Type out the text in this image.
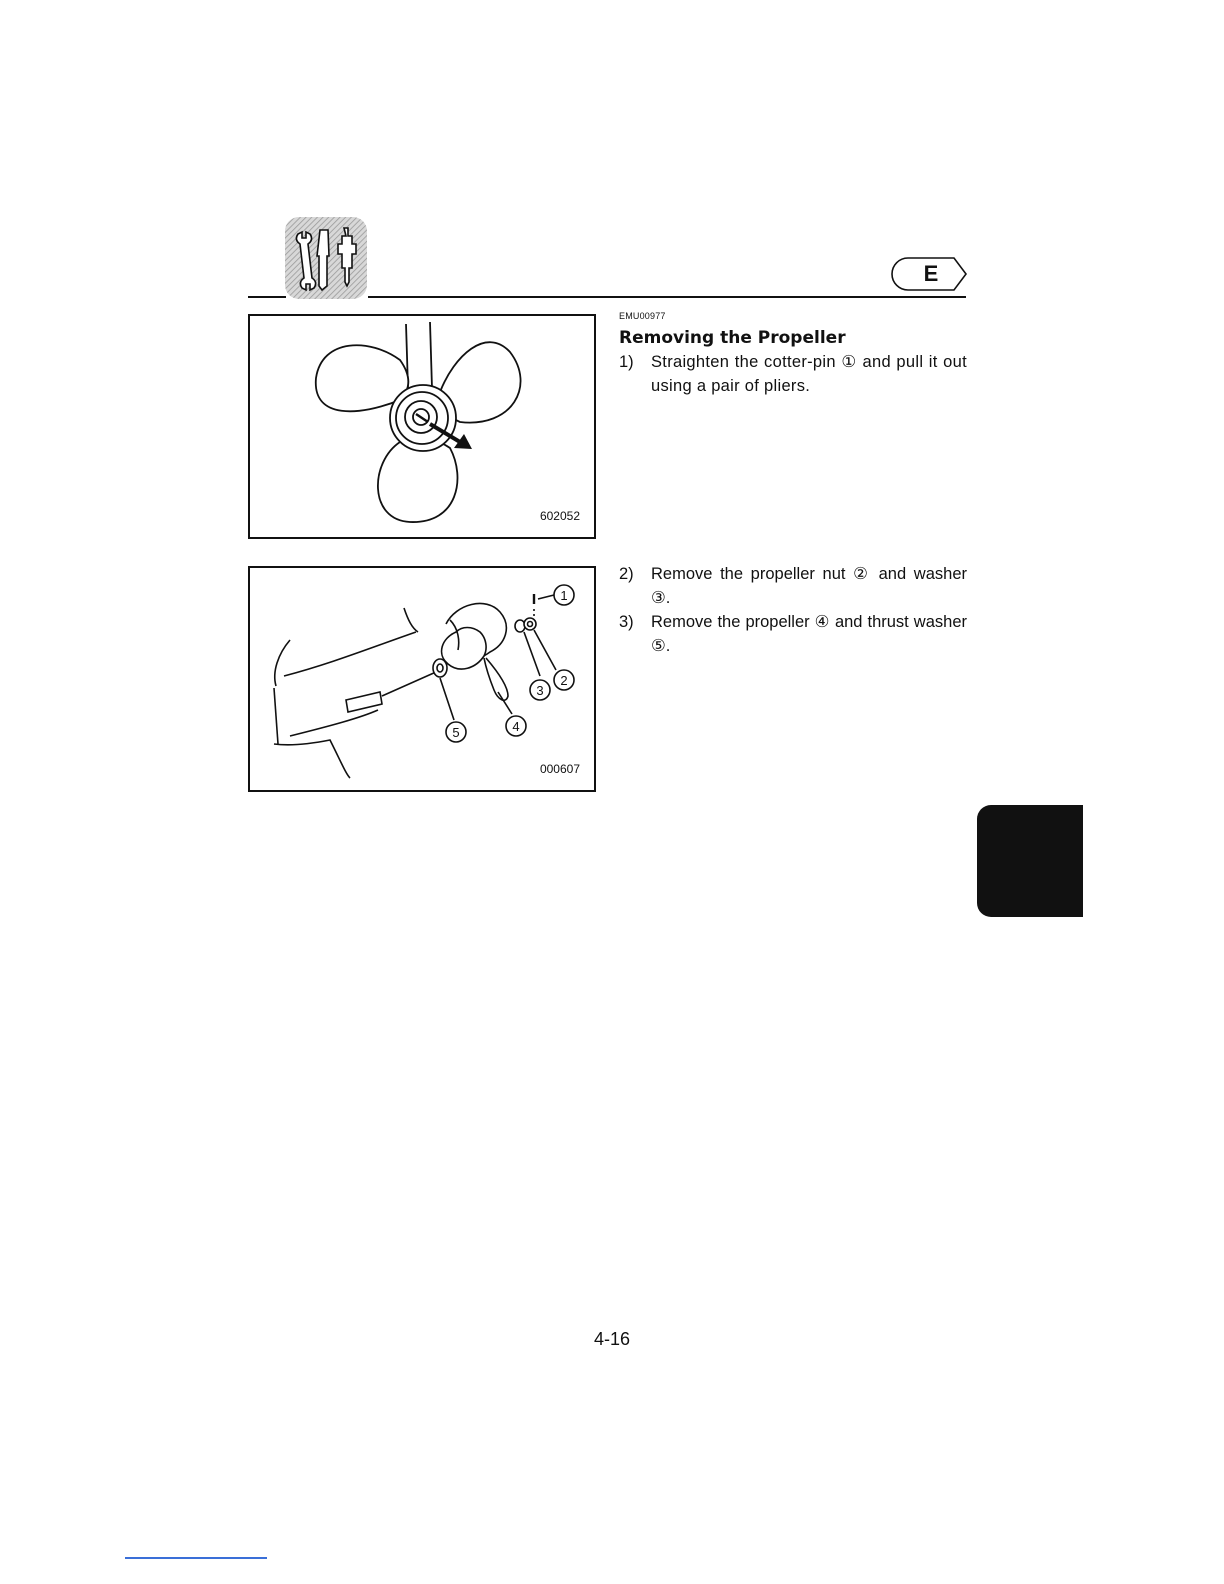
E
602052
1
2
3
4
5
000607
EMU00977
Removing the Propeller
1)	Straighten the cotter-pin ① and pull it out using a pair of pliers.
2)	Remove the propeller nut ② and washer ③.
3)	Remove the propeller ④ and thrust washer ⑤.
4-16
